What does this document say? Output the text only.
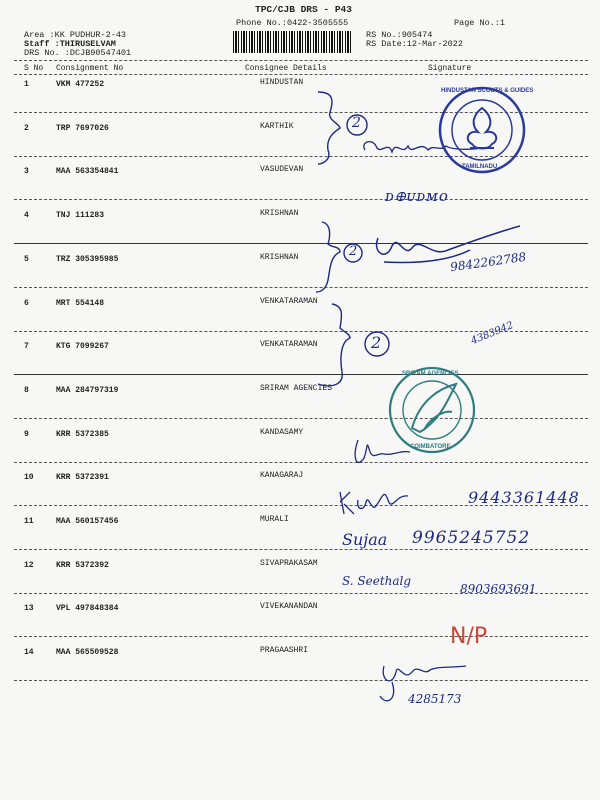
TPC/CJB DRS - P43
Phone No.:0422-3505555	Page No.:1
Area :KK PUDHUR-2-43
Staff :THIRUSELVAM
DRS No. :DCJB90547401
RS No.:905474
RS Date:12-Mar-2022
S No Consignment No	Consignee Details	Signature
1	VKM 477252	HINDUSTAN
2	TRP 7697026	KARTHIK
3	MAA 563354841	VASUDEVAN
4	TNJ 111283	KRISHNAN
5	TRZ 305395985	KRISHNAN
6	MRT 554148	VENKATARAMAN
7	KTG 7099267	VENKATARAMAN
8	MAA 284797319	SRIRAM AGENCIES
9	KRR 5372385	KANDASAMY
10	KRR 5372391	KANAGARAJ
11	MAA 560157456	MURALI
12	KRR 5372392	SIVAPRAKASAM
13	VPL 497848384	VIVEKANANDAN
14	MAA 565509528	PRAGAASHRI
HINDUSTAN SCOUTS & GUIDES
TAMILNADU
SRIRAM AGENCIES
COIMBATORE
2
2
2
ᴅ᪠ᴜᴅᴍᴏ
9842262788
4383942
9443361448
Sujaa 9965245752
S. Seethalg
8903693691
N/P
4285173
